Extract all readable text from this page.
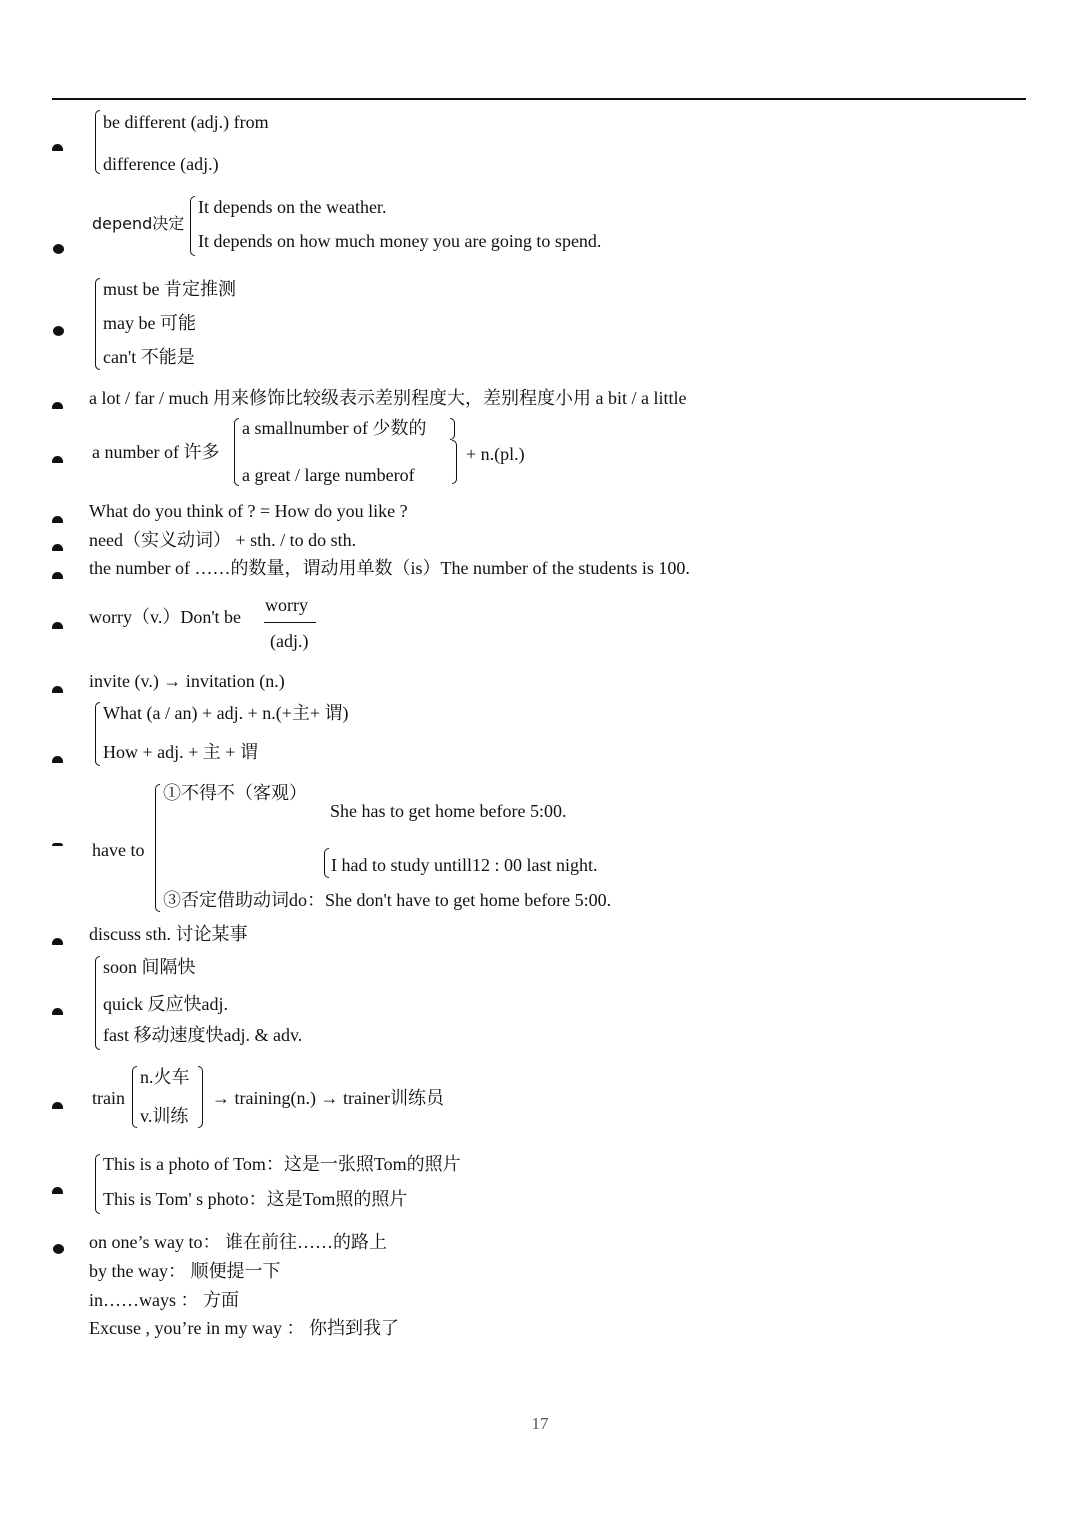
be different (adj.) from
difference (adj.)
depend决定
It depends on the weather.
It depends on how much money you are going to spend.
must be 肯定推测
may be 可能
can't 不能是
a lot / far / much 用来修饰比较级表示差别程度大，差别程度小用 a bit / a little
a number of 许多
a smallnumber of 少数的
a great / large numberof
+ n.(pl.)
What do you think of ? = How do you like ?
need（实义动词） + sth. / to do sth.
the number of ……的数量，谓动用单数（is）The number of the students is 100.
worry（v.）Don't be
worry
(adj.)
invite (v.) → invitation (n.)
What (a / an) + adj. + n.(+主+ 谓)
How + adj. + 主 + 谓
have to
①不得不（客观）
She has to get home before 5:00.
I had to study untill12 : 00 last night.
③否定借助动词do：She don't have to get home before 5:00.
discuss sth. 讨论某事
soon 间隔快
quick 反应快adj.
fast 移动速度快adj. & adv.
train
n.火车
v.训练
→ training(n.) → trainer训练员
This is a photo of Tom：这是一张照Tom的照片
This is Tom' s photo：这是Tom照的照片
on one’s way to： 谁在前往……的路上
by the way： 顺便提一下
in……ways ： 方面
Excuse , you’re in my way ： 你挡到我了
17
